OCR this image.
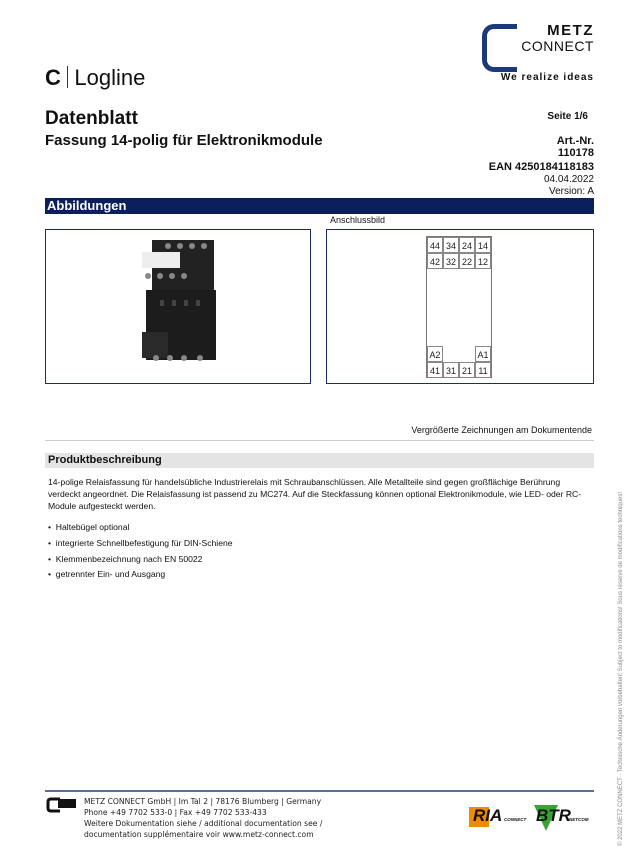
METZ
CONNECT
We realize ideas
C Logline
Datenblatt
Fassung 14-polig für Elektronikmodule
Seite 1/6
Art.-Nr.
110178
EAN 4250184118183
04.04.2022
Version: A
Abbildungen
Anschlussbild
44 34 24 14
42 32 22 12
A2	A1
41 31 21 11
Vergrößerte Zeichnungen am Dokumentende
Produktbeschreibung
14-polige Relaisfassung für handelsübliche Industrierelais mit Schraubanschlüssen. Alle Metallteile sind gegen großflächige Berührung verdeckt angeordnet. Die Relaisfassung ist passend zu MC274. Auf die Steckfassung können optional Elektronikmodule, wie LED- oder RC-Module aufgesteckt werden.
•  Haltebügel optional
•  integrierte Schnellbefestigung für DIN-Schiene
•  Klemmenbezeichnung nach EN 50022
•  getrennter Ein- und Ausgang
METZ CONNECT GmbH | Im Tal 2 | 78176 Blumberg | Germany
Phone +49 7702 533-0 | Fax +49 7702 533-433
Weitere Dokumentation siehe / additional documentation see /
documentation supplémentaire voir www.metz-connect.com
RIA CONNECT BTR
NETCOM	© 2022 METZ CONNECT · Technische Änderungen vorbehalten! Subject to modifications! Sous réserve de modifications techniques!
